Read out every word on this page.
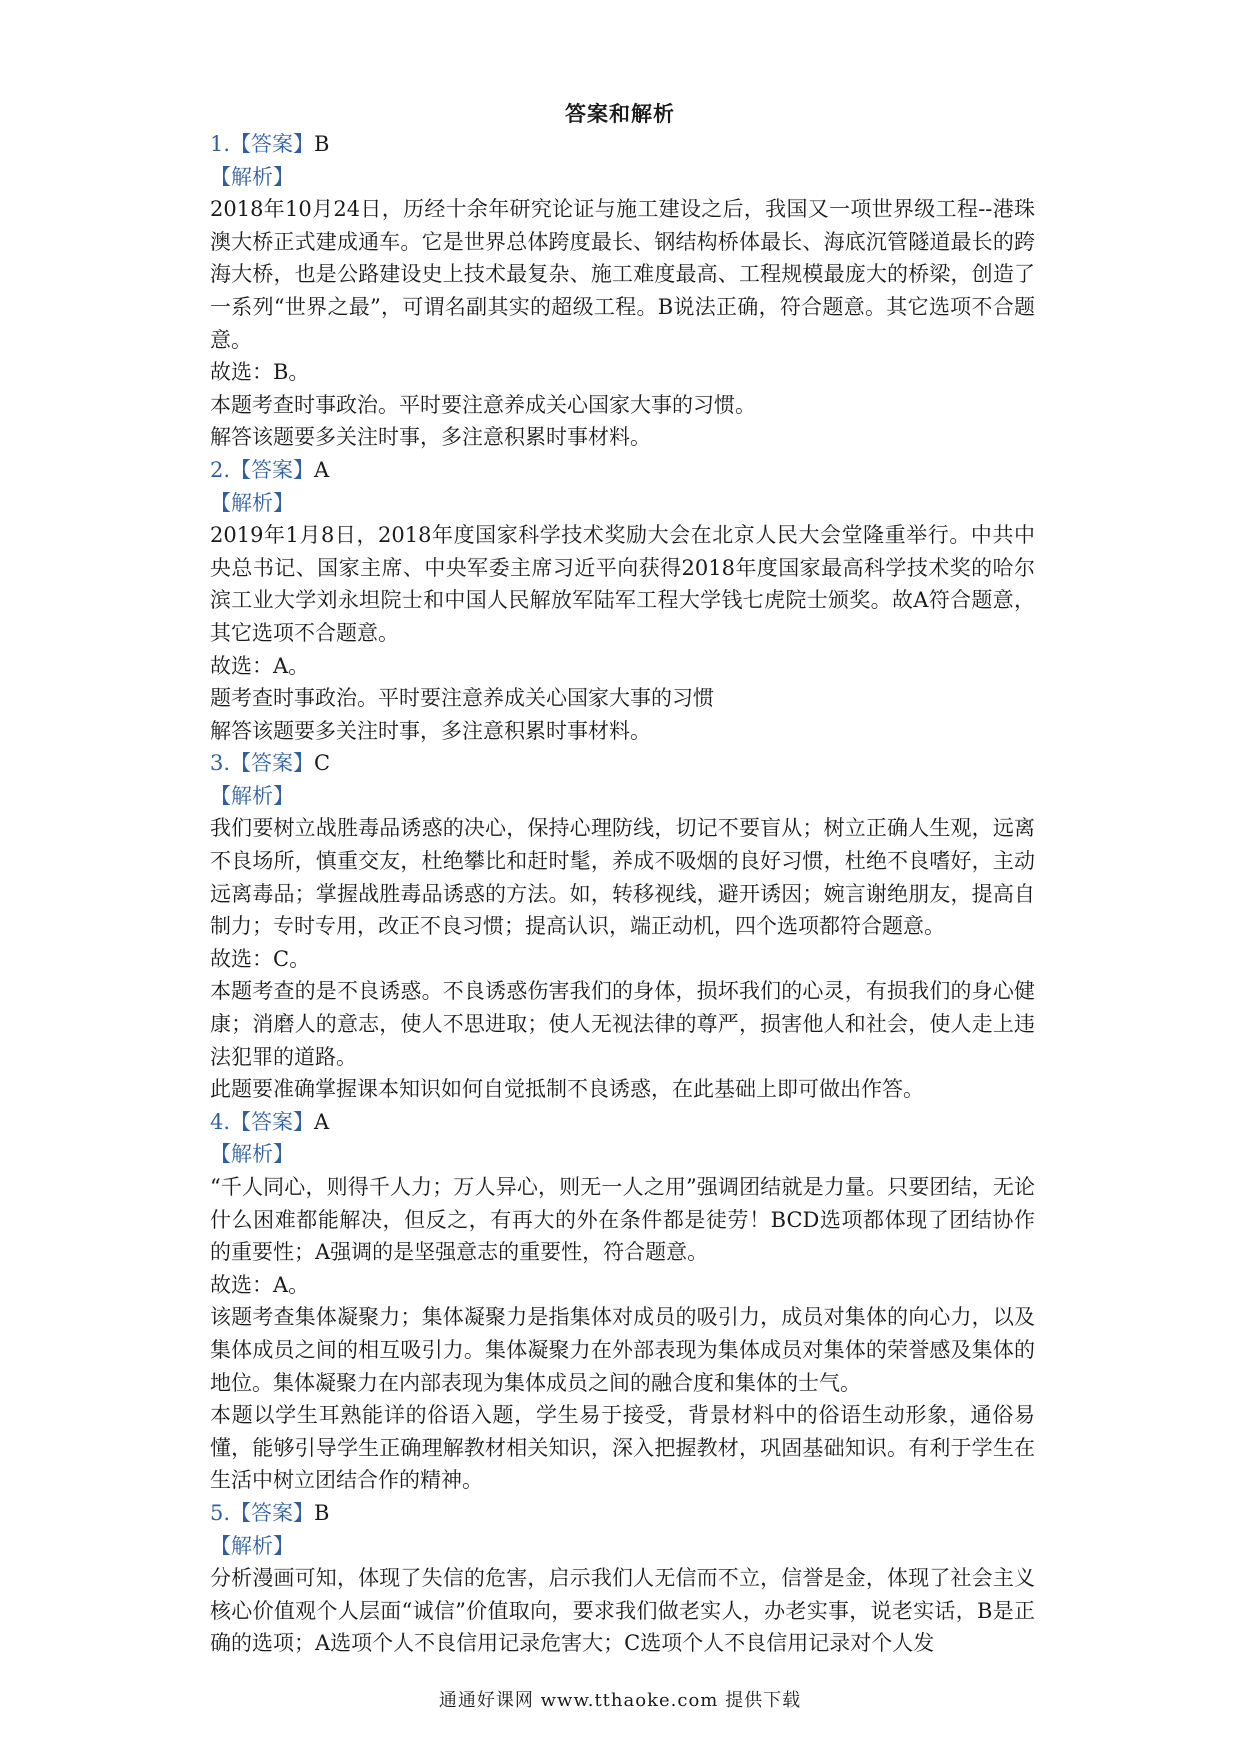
答案和解析
1.【答案】B
【解析】
2018年10月24日，历经十余年研究论证与施工建设之后，我国又一项世界级工程--港珠澳大桥正式建成通车。它是世界总体跨度最长、钢结构桥体最长、海底沉管隧道最长的跨海大桥，也是公路建设史上技术最复杂、施工难度最高、工程规模最庞大的桥梁，创造了一系列“世界之最”，可谓名副其实的超级工程。B说法正确，符合题意。其它选项不合题意。
故选：B。
本题考查时事政治。平时要注意养成关心国家大事的习惯。
解答该题要多关注时事，多注意积累时事材料。
2.【答案】A
【解析】
2019年1月8日，2018年度国家科学技术奖励大会在北京人民大会堂隆重举行。中共中央总书记、国家主席、中央军委主席习近平向获得2018年度国家最高科学技术奖的哈尔滨工业大学刘永坦院士和中国人民解放军陆军工程大学钱七虎院士颁奖。故A符合题意，其它选项不合题意。
故选：A。
题考查时事政治。平时要注意养成关心国家大事的习惯
解答该题要多关注时事，多注意积累时事材料。
3.【答案】C
【解析】
我们要树立战胜毒品诱惑的决心，保持心理防线，切记不要盲从；树立正确人生观，远离不良场所，慎重交友，杜绝攀比和赶时髦，养成不吸烟的良好习惯，杜绝不良嗜好，主动远离毒品；掌握战胜毒品诱惑的方法。如，转移视线，避开诱因；婉言谢绝朋友，提高自制力；专时专用，改正不良习惯；提高认识，端正动机，四个选项都符合题意。
故选：C。
本题考查的是不良诱惑。不良诱惑伤害我们的身体，损坏我们的心灵，有损我们的身心健康；消磨人的意志，使人不思进取；使人无视法律的尊严，损害他人和社会，使人走上违法犯罪的道路。
此题要准确掌握课本知识如何自觉抵制不良诱惑，在此基础上即可做出作答。
4.【答案】A
【解析】
“千人同心，则得千人力；万人异心，则无一人之用”强调团结就是力量。只要团结，无论什么困难都能解决，但反之，有再大的外在条件都是徒劳！BCD选项都体现了团结协作的重要性；A强调的是坚强意志的重要性，符合题意。
故选：A。
该题考查集体凝聚力；集体凝聚力是指集体对成员的吸引力，成员对集体的向心力，以及集体成员之间的相互吸引力。集体凝聚力在外部表现为集体成员对集体的荣誉感及集体的地位。集体凝聚力在内部表现为集体成员之间的融合度和集体的士气。
本题以学生耳熟能详的俗语入题，学生易于接受，背景材料中的俗语生动形象，通俗易懂，能够引导学生正确理解教材相关知识，深入把握教材，巩固基础知识。有利于学生在生活中树立团结合作的精神。
5.【答案】B
【解析】
分析漫画可知，体现了失信的危害，启示我们人无信而不立，信誉是金，体现了社会主义核心价值观个人层面“诚信”价值取向，要求我们做老实人，办老实事，说老实话，B是正确的选项；A选项个人不良信用记录危害大；C选项个人不良信用记录对个人发
通通好课网 www.tthaoke.com 提供下载
